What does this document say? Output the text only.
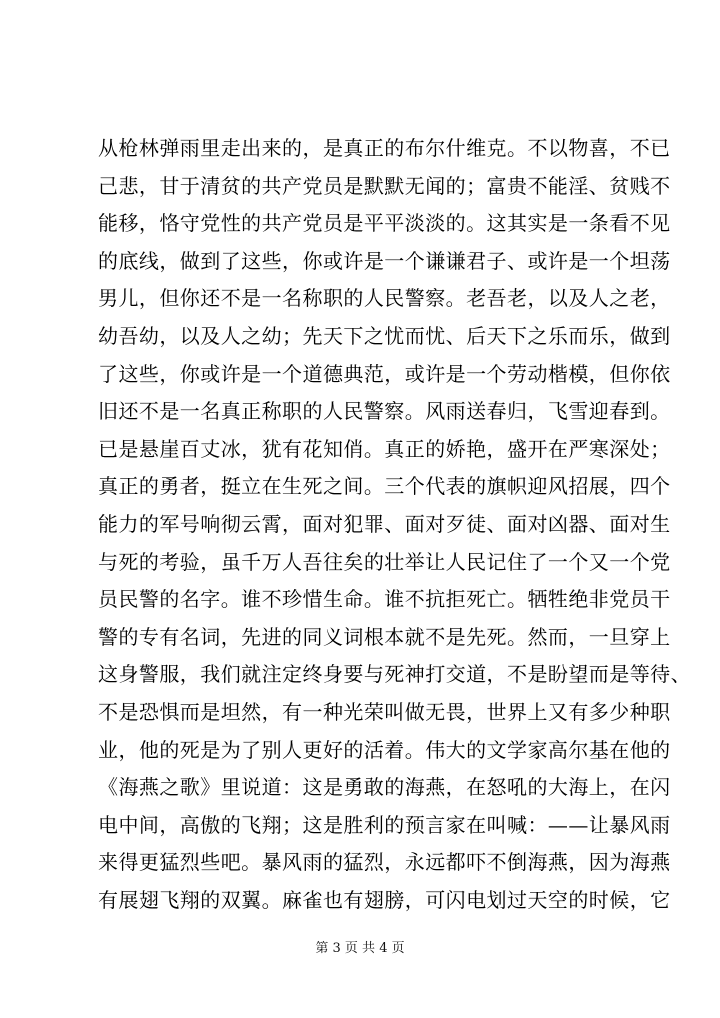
从枪林弹雨里走出来的，是真正的布尔什维克。不以物喜，不已
己悲，甘于清贫的共产党员是默默无闻的；富贵不能淫、贫贱不
能移，恪守党性的共产党员是平平淡淡的。这其实是一条看不见
的底线，做到了这些，你或许是一个谦谦君子、或许是一个坦荡
男儿，但你还不是一名称职的人民警察。老吾老，以及人之老，
幼吾幼，以及人之幼；先天下之忧而忧、后天下之乐而乐，做到
了这些，你或许是一个道德典范，或许是一个劳动楷模，但你依
旧还不是一名真正称职的人民警察。风雨送春归，飞雪迎春到。
已是悬崖百丈冰，犹有花知俏。真正的娇艳，盛开在严寒深处；
真正的勇者，挺立在生死之间。三个代表的旗帜迎风招展，四个
能力的军号响彻云霄，面对犯罪、面对歹徒、面对凶器、面对生
与死的考验，虽千万人吾往矣的壮举让人民记住了一个又一个党
员民警的名字。谁不珍惜生命。谁不抗拒死亡。牺牲绝非党员干
警的专有名词，先进的同义词根本就不是先死。然而，一旦穿上
这身警服，我们就注定终身要与死神打交道，不是盼望而是等待、
不是恐惧而是坦然，有一种光荣叫做无畏，世界上又有多少种职
业，他的死是为了别人更好的活着。伟大的文学家高尔基在他的
《海燕之歌》里说道：这是勇敢的海燕，在怒吼的大海上，在闪
电中间，高傲的飞翔；这是胜利的预言家在叫喊：——让暴风雨
来得更猛烈些吧。暴风雨的猛烈，永远都吓不倒海燕，因为海燕
有展翅飞翔的双翼。麻雀也有翅膀，可闪电划过天空的时候，它
第 3 页 共 4 页
